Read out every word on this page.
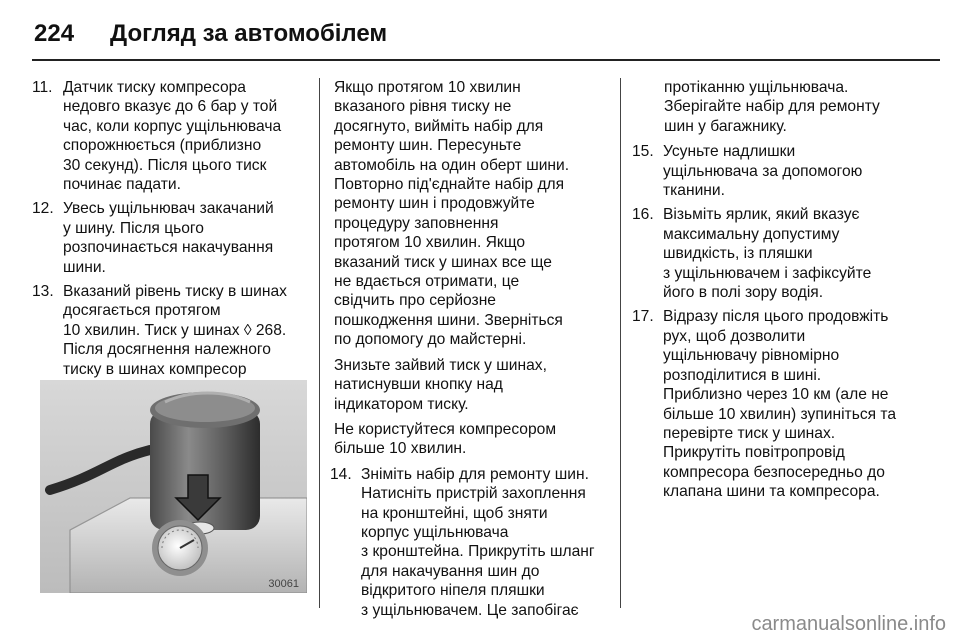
224 Догляд за автомобілем
11. Датчик тиску компресора
недовго вказує до 6 бар у той
час, коли корпус ущільнювача
спорожнюється (приблизно
30 секунд). Після цього тиск
починає падати.
12. Увесь ущільнювач закачаний
у шину. Після цього
розпочинається накачування
шини.
13. Вказаний рівень тиску в шинах
досягається протягом
10 хвилин. Тиск у шинах ◊ 268.
Після досягнення належного
тиску в шинах компресор
30061
Якщо протягом 10 хвилин
вказаного рівня тиску не
досягнуто, вийміть набір для
ремонту шин. Пересуньте
автомобіль на один оберт шини.
Повторно під'єднайте набір для
ремонту шин і продовжуйте
процедуру заповнення
протягом 10 хвилин. Якщо
вказаний тиск у шинах все ще
не вдається отримати, це
свідчить про серйозне
пошкодження шини. Зверніться
по допомогу до майстерні.
Знизьте зайвий тиск у шинах,
натиснувши кнопку над
індикатором тиску.
Не користуйтеся компресором
більше 10 хвилин.
14. Зніміть набір для ремонту шин.
Натисніть пристрій захоплення
на кронштейні, щоб зняти
корпус ущільнювача
з кронштейна. Прикрутіть шланг
для накачування шин до
відкритого ніпеля пляшки
з ущільнювачем. Це запобігає
протіканню ущільнювача.
Зберігайте набір для ремонту
шин у багажнику.
15. Усуньте надлишки
ущільнювача за допомогою
тканини.
16. Візьміть ярлик, який вказує
максимальну допустиму
швидкість, із пляшки
з ущільнювачем і зафіксуйте
його в полі зору водія.
17. Відразу після цього продовжіть
рух, щоб дозволити
ущільнювачу рівномірно
розподілитися в шині.
Приблизно через 10 км (але не
більше 10 хвилин) зупиніться та
перевірте тиск у шинах.
Прикрутіть повітропровід
компресора безпосередньо до
клапана шини та компресора.
carmanualsonline.info
